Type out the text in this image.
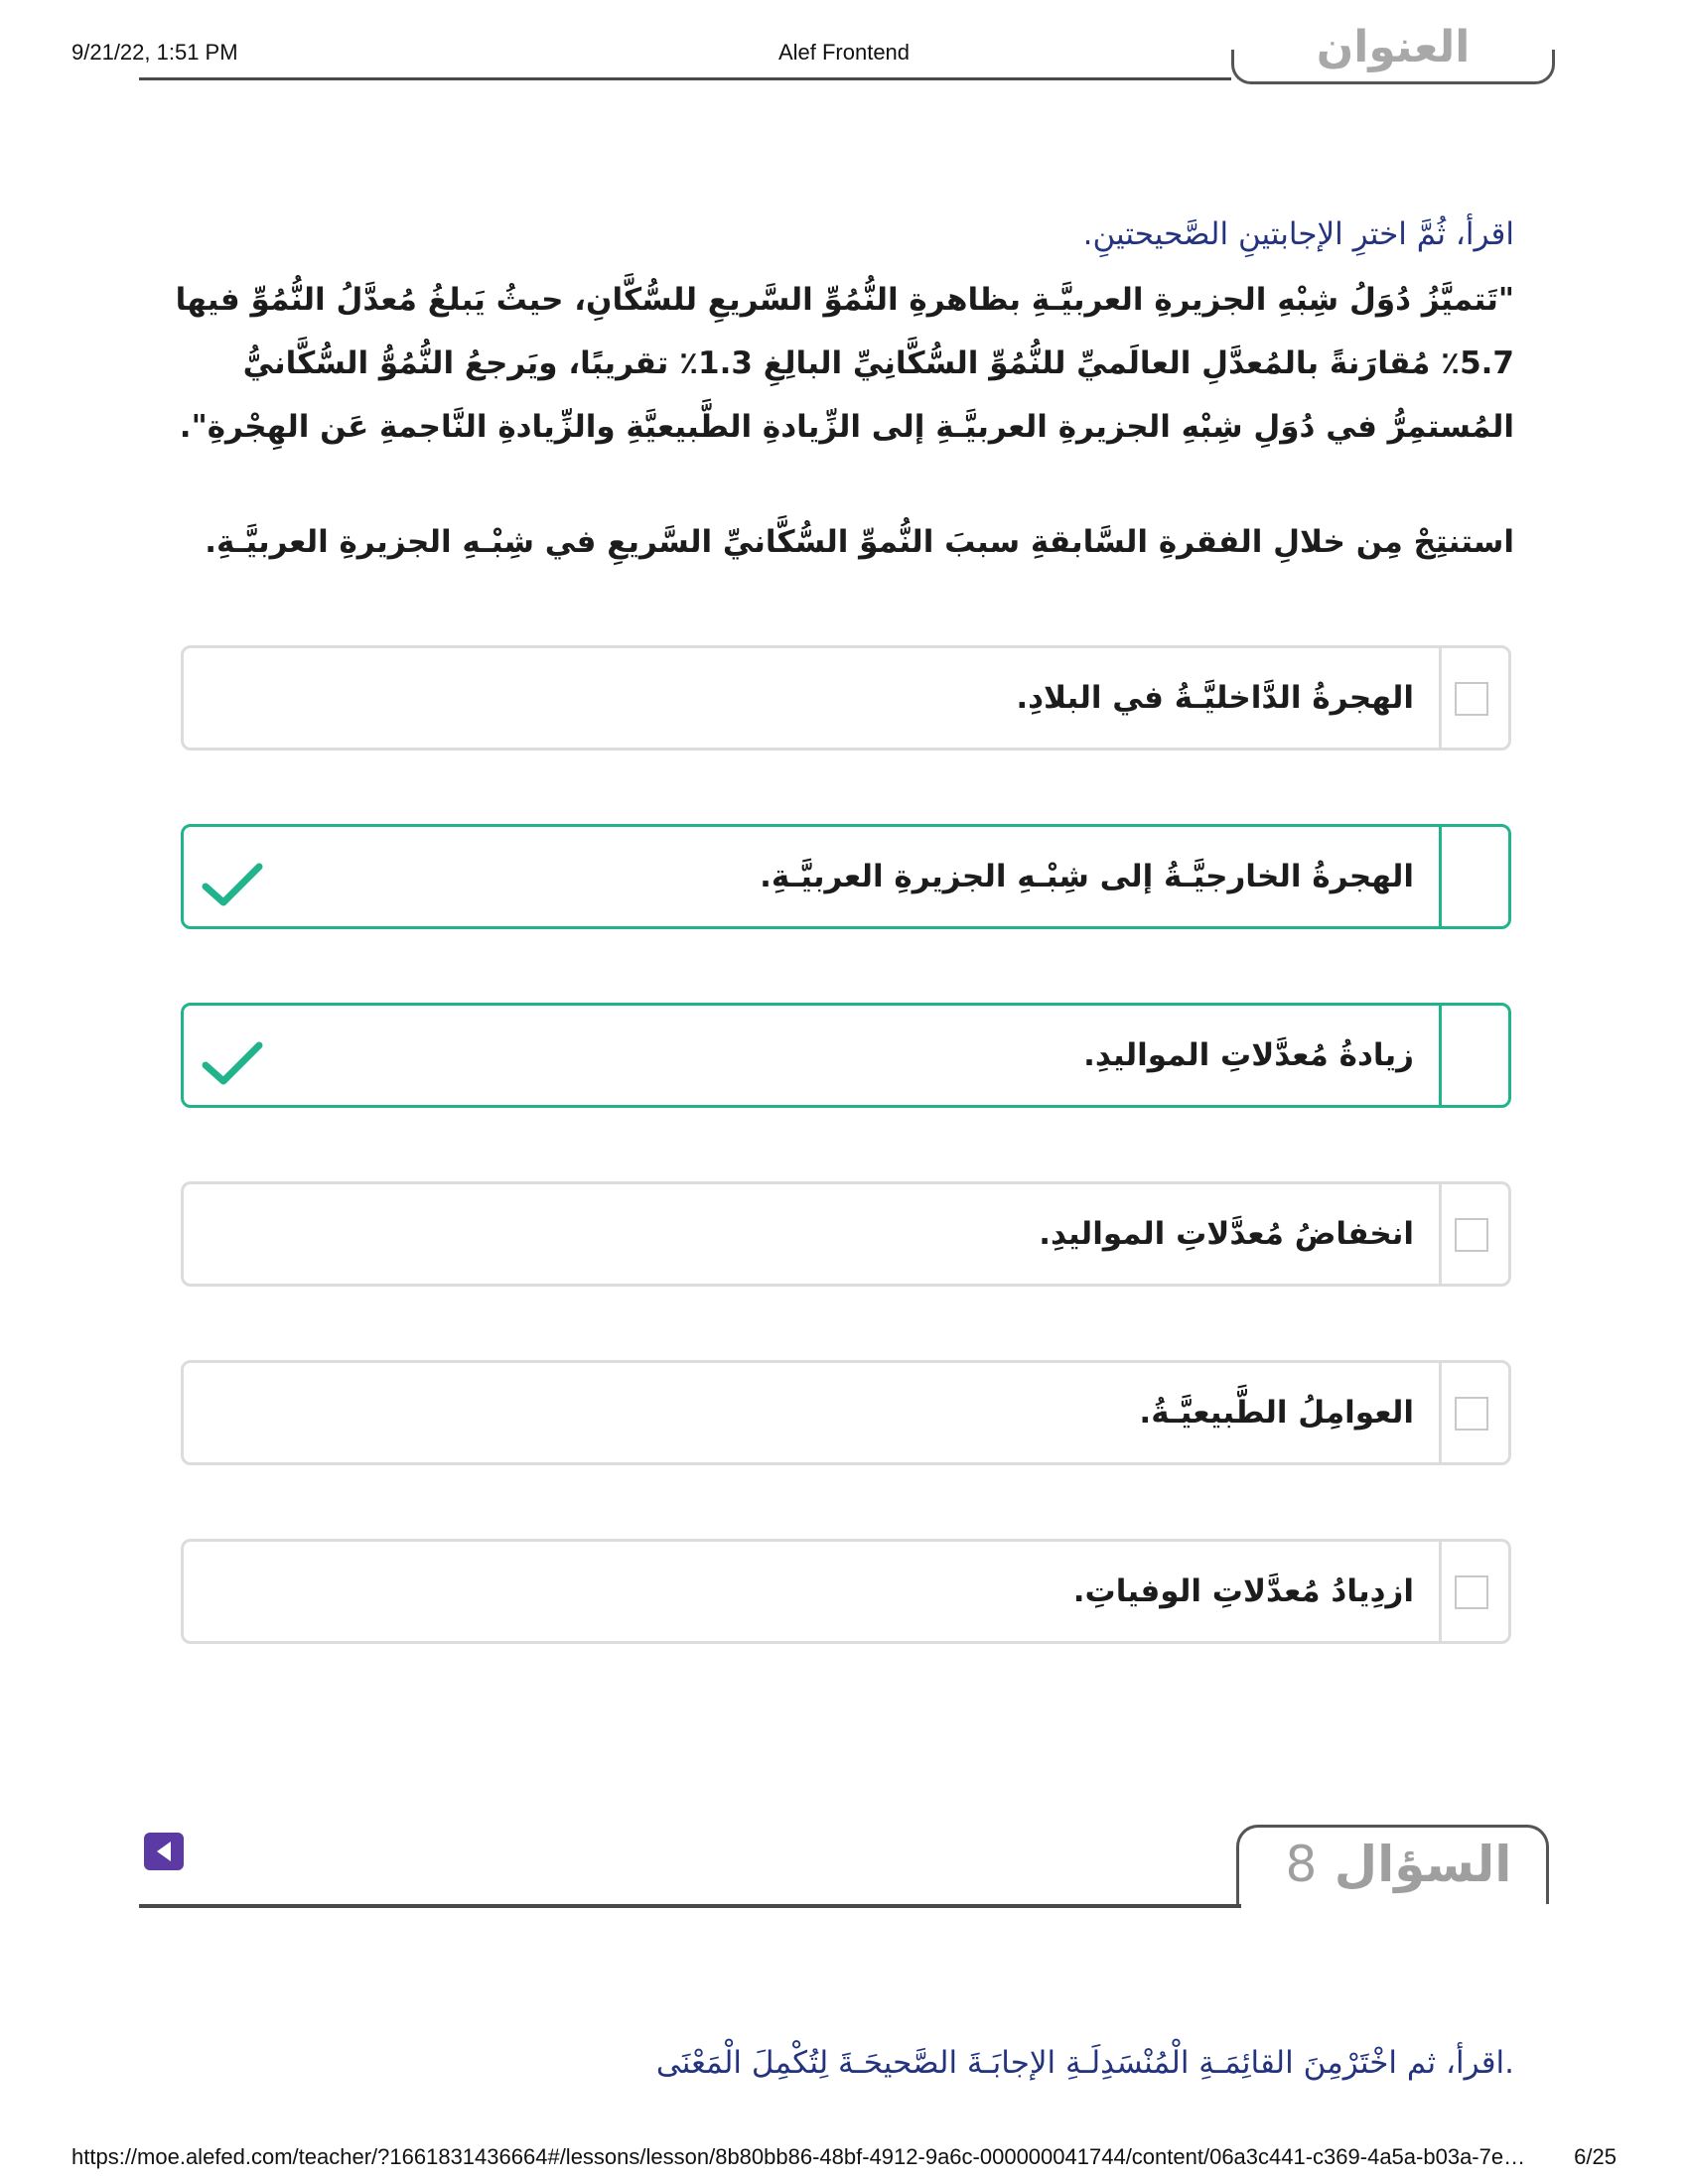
9/21/22, 1:51 PM	Alef Frontend	العنوان
اقرأ، ثُمَّ اخترِ الإجابتينِ الصَّحيحتينِ.
"تَتميَّزُ دُوَلُ شِبْهِ الجزيرةِ العربيَّـةِ بظاهرةِ النُّمُوِّ السَّريعِ للسُّكَّانِ، حيثُ يَبلغُ مُعدَّلُ النُّمُوِّ فيها 5.7٪ مُقارَنةً بالمُعدَّلِ العالَميِّ للنُّمُوِّ السُّكَّانِيِّ البالِغِ 1.3٪ تقريبًا، ويَرجعُ النُّمُوُّ السُّكَّانيُّ المُستمِرُّ في دُوَلِ شِبْهِ الجزيرةِ العربيَّـةِ إلى الزِّيادةِ الطَّبيعيَّةِ والزِّيادةِ النَّاجمةِ عَن الهِجْرةِ".
استنتِجْ مِن خلالِ الفقرةِ السَّابقةِ سببَ النُّموِّ السُّكَّانيِّ السَّريعِ في شِبْـهِ الجزيرةِ العربيَّـةِ.
الهجرةُ الدَّاخليَّـةُ في البلادِ.
الهجرةُ الخارجيَّـةُ إلى شِبْـهِ الجزيرةِ العربيَّـةِ.
زيادةُ مُعدَّلاتِ المواليدِ.
انخفاضُ مُعدَّلاتِ المواليدِ.
العوامِلُ الطَّبيعيَّـةُ.
ازدِيادُ مُعدَّلاتِ الوفياتِ.
السؤال 8
اقرأ، ثم اخْتَرْمِنَ القائِمَـةِ الْمُنْسَدِلَـةِ الإجابَـةَ الصَّحيحَـةَ لِتُكْمِلَ الْمَعْنَى.
https://moe.alefed.com/teacher/?1661831436664#/lessons/lesson/8b80bb86-48bf-4912-9a6c-000000041744/content/06a3c441-c369-4a5a-b03a-7e… 6/25
